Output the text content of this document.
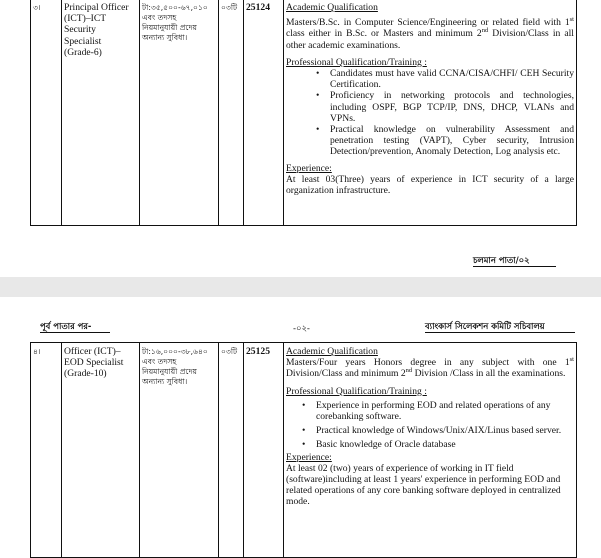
৩।	Principal Officer
(ICT)–ICT
Security
Specialist
(Grade-6)

টা:৩৫,৫০০-৬৭,০১০
এবং তদসহ
নিয়মানুযায়ী প্রদেয়
অন্যান্য সুবিধা।
	০৩টি	25124	Academic Qualification

Masters/B.Sc. in Computer Science/Engineering or related field with 1st class either in B.Sc. or Masters and minimum 2nd Division/Class in all other academic examinations.

Professional Qualification/Training :
• Candidates must have valid CCNA/CISA/CHFI/ CEH Security Certification.
• Proficiency in networking protocols and technologies, including OSPF, BGP TCP/IP, DNS, DHCP, VLANs and VPNs.
• Practical knowledge on vulnerability Assessment and penetration testing (VAPT), Cyber security, Intrusion Detection/prevention, Anomaly Detection, Log analysis etc.
Experience:

At least 03(Three) years of experience in ICT security of a large organization infrastructure.

চলমান পাতা/০২
পূর্ব পাতার পর-	-০২-	ব্যাংকার্স সিলেকশন কমিটি সচিবালয়
৪।	Officer (ICT)–
EOD Specialist
(Grade-10)

টা:১৬,০০০-৩৮,৬৪০
এবং তদসহ
নিয়মানুযায়ী প্রদেয়
অন্যান্য সুবিধা।
	০৩টি	25125	Academic Qualification

Masters/Four years Honors degree in any subject with one 1st Division/Class and minimum 2nd Division /Class in all the examinations.

Professional Qualification/Training :
• Experience in performing EOD and related operations of any corebanking software.
• Practical knowledge of Windows/Unix/AIX/Linus based server.
• Basic knowledge of Oracle database
Experience:

At least 02 (two) years of experience of working in IT field (software)including at least 1 years' experience in performing EOD and related operations of any core banking software deployed in centralized mode.
